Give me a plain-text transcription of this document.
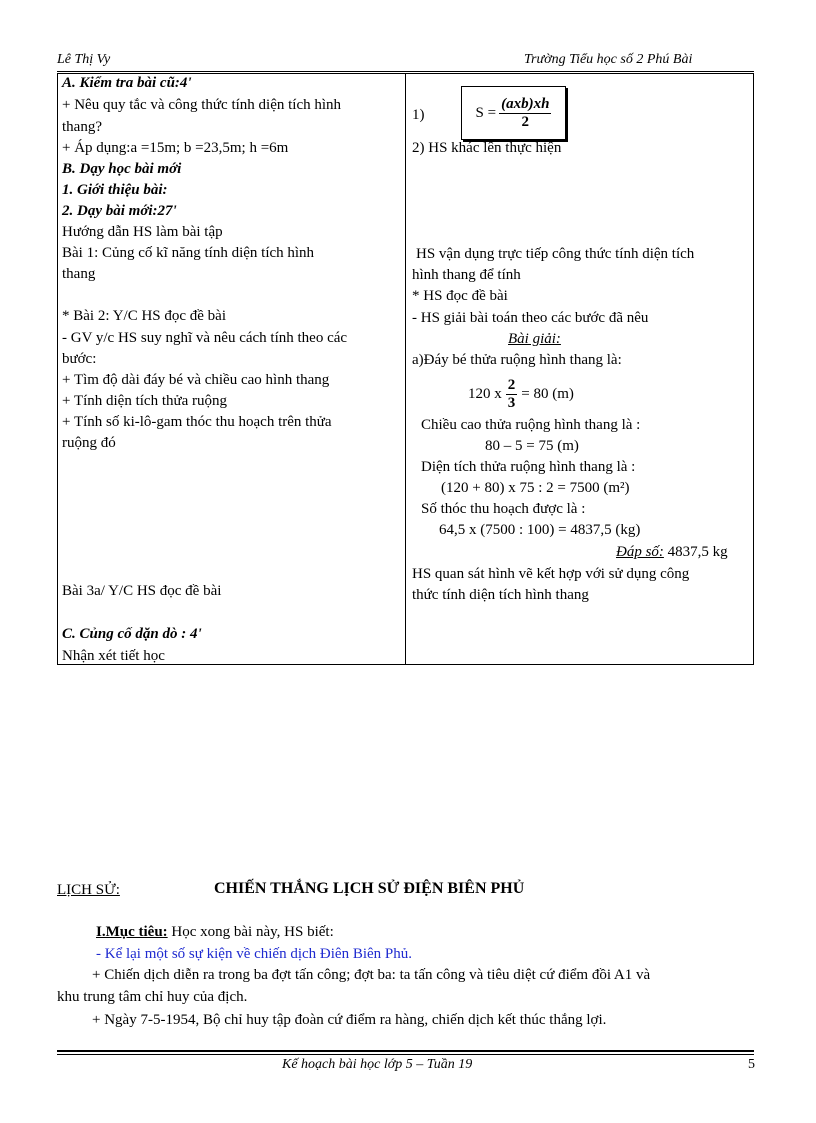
Lê Thị Vy	Trường Tiểu học số 2 Phú Bài
A. Kiểm tra bài cũ:4'
+ Nêu quy tắc và công thức tính diện tích hình
thang?
+ Áp dụng:a =15m; b =23,5m; h =6m
B. Dạy học bài mới
1. Giới thiệu bài:
2. Dạy bài mới:27'
Hướng dẫn HS làm bài tập
Bài 1: Củng cố kĩ năng tính diện tích hình
thang
* Bài 2: Y/C HS đọc đề bài
- GV y/c HS suy nghĩ và nêu cách tính theo các
bước:
+ Tìm độ dài đáy bé và chiều cao hình thang
+ Tính diện tích thửa ruộng
+ Tính số ki-lô-gam thóc thu hoạch trên thửa
ruộng đó
Bài 3a/ Y/C HS đọc đề bài
C. Củng cố dặn dò : 4'
Nhận xét tiết học
1)	$S = \frac{\text{(axb)xh}}{2}$
2) HS khác lên thực hiện
HS vận dụng trực tiếp công thức tính diện tích
hình thang để tính
* HS đọc đề bài
- HS giải bài toán theo các bước đã nêu
Bài giải:
a)Đáy bé thửa ruộng hình thang là:
120 x $\frac{2}{3} = 80$ (m)
Chiều cao thửa ruộng hình thang là :
80 – 5 = 75 (m)
Diện tích thửa ruộng hình thang là :
(120 + 80) x 75 : 2 = 7500 (m²)
Số thóc thu hoạch được là :
64,5 x (7500 : 100) = 4837,5 (kg)
Đáp số: 4837,5 kg
HS quan sát hình vẽ kết hợp với sử dụng công
thức tính diện tích hình thang
LỊCH SỬ:	CHIẾN THẮNG LỊCH SỬ ĐIỆN BIÊN PHỦ
I.Mục tiêu: Học xong bài này, HS biết:
- Kể lại một số sự kiện về chiến dịch Điên Biên Phủ.
+ Chiến dịch diễn ra trong ba đợt tấn công; đợt ba: ta tấn công và tiêu diệt cứ điểm đồi A1 và
khu trung tâm chỉ huy của địch.
+ Ngày 7-5-1954, Bộ chỉ huy tập đoàn cứ điểm ra hàng, chiến dịch kết thúc thắng lợi.
Kế hoạch bài học lớp 5 – Tuần 19	5
